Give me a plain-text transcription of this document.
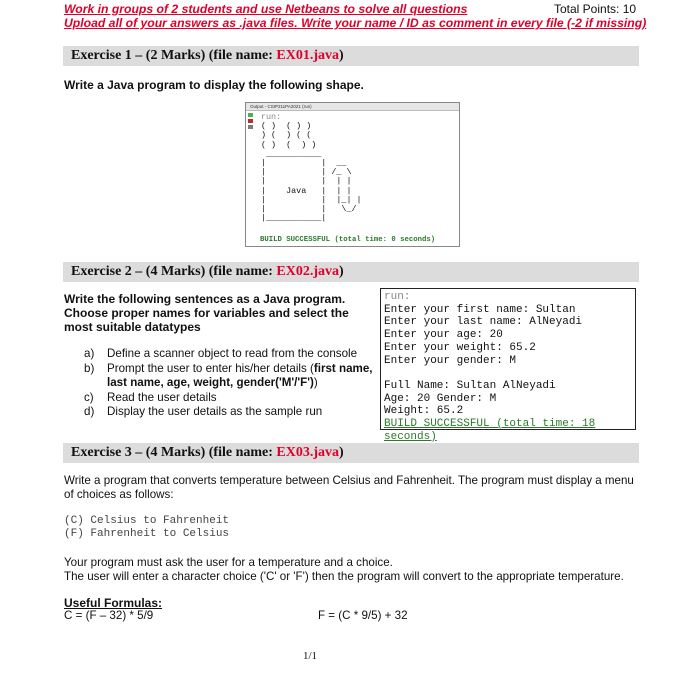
Work in groups of 2 students and use Netbeans to solve all questions	Total Points: 10
Upload all of your answers as .java files. Write your name / ID as comment in every file (-2 if missing)
Exercise 1 – (2 Marks) (file name: EX01.java)
Write a Java program to display the following shape.
Output - CSIP211PA2021 (run)
run:
( )  ( ) )
) (  ) ( (
( )  (  ) )
___________
|           |  __
|           | /_ \
|           |  | |
|    Java   |  | |
|           |  |_| |
|           |   \_/
|___________|
BUILD SUCCESSFUL (total time: 0 seconds)
Exercise 2 – (4 Marks) (file name: EX02.java)
Write the following sentences as a Java program. Choose proper names for variables and select the most suitable datatypes
a) Define a scanner object to read from the console
b) Prompt the user to enter his/her details (first name, last name, age, weight, gender('M'/'F'))
c) Read the user details
d) Display the user details as the sample run
run:
Enter your first name: Sultan
Enter your last name: AlNeyadi
Enter your age: 20
Enter your weight: 65.2
Enter your gender: M
Full Name: Sultan AlNeyadi
Age: 20 Gender: M
Weight: 65.2
BUILD SUCCESSFUL (total time: 18 seconds)
Exercise 3 – (4 Marks) (file name: EX03.java)
Write a program that converts temperature between Celsius and Fahrenheit. The program must display a menu of choices as follows:
(C) Celsius to Fahrenheit
(F) Fahrenheit to Celsius
Your program must ask the user for a temperature and a choice.
The user will enter a character choice ('C' or 'F') then the program will convert to the appropriate temperature.
Useful Formulas:
C = (F – 32) * 5/9	F = (C * 9/5) + 32
1/1
